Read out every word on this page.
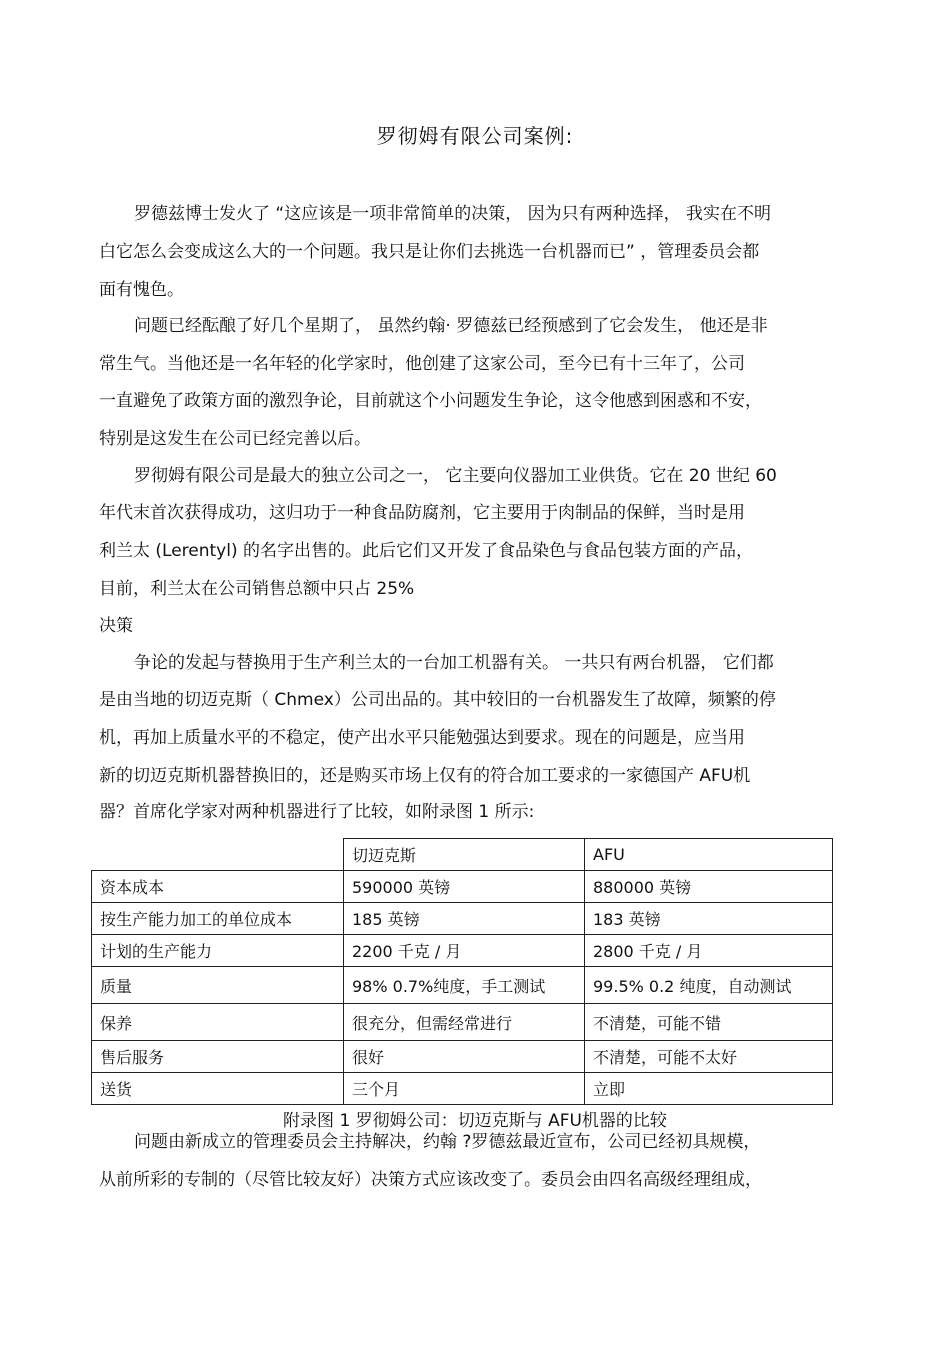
罗彻姆有限公司案例:
罗德兹博士发火了 “这应该是一项非常简单的决策， 因为只有两种选择， 我实在不明
白它怎么会变成这么大的一个问题。我只是让你们去挑选一台机器而已” ，管理委员会都
面有愧色。
问题已经酝酿了好几个星期了， 虽然约翰· 罗德兹已经预感到了它会发生， 他还是非
常生气。当他还是一名年轻的化学家时，他创建了这家公司，至今已有十三年了，公司
一直避免了政策方面的激烈争论，目前就这个小问题发生争论，这令他感到困惑和不安，
特别是这发生在公司已经完善以后。
罗彻姆有限公司是最大的独立公司之一， 它主要向仪器加工业供货。它在 20 世纪 60
年代末首次获得成功，这归功于一种食品防腐剂，它主要用于肉制品的保鲜，当时是用
利兰太 (Lerentyl) 的名字出售的。此后它们又开发了食品染色与食品包装方面的产品，
目前，利兰太在公司销售总额中只占 25%
决策
争论的发起与替换用于生产利兰太的一台加工机器有关。 一共只有两台机器， 它们都
是由当地的切迈克斯（ Chmex）公司出品的。其中较旧的一台机器发生了故障，频繁的停
机，再加上质量水平的不稳定，使产出水平只能勉强达到要求。现在的问题是，应当用
新的切迈克斯机器替换旧的，还是购买市场上仅有的符合加工要求的一家德国产 AFU机
器？首席化学家对两种机器进行了比较，如附录图 1 所示:
	切迈克斯	AFU
资本成本	590000 英镑	880000 英镑
按生产能力加工的单位成本	185 英镑	183 英镑
计划的生产能力	2200 千克 / 月	2800 千克 / 月
质量	98% 0.7%纯度，手工测试	99.5% 0.2 纯度，自动测试
保养	很充分，但需经常进行	不清楚，可能不错
售后服务	很好	不清楚，可能不太好
送货	三个月	立即
附录图 1 罗彻姆公司：切迈克斯与 AFU机器的比较
问题由新成立的管理委员会主持解决，约翰 ?罗德兹最近宣布，公司已经初具规模，
从前所彩的专制的（尽管比较友好）决策方式应该改变了。委员会由四名高级经理组成，
